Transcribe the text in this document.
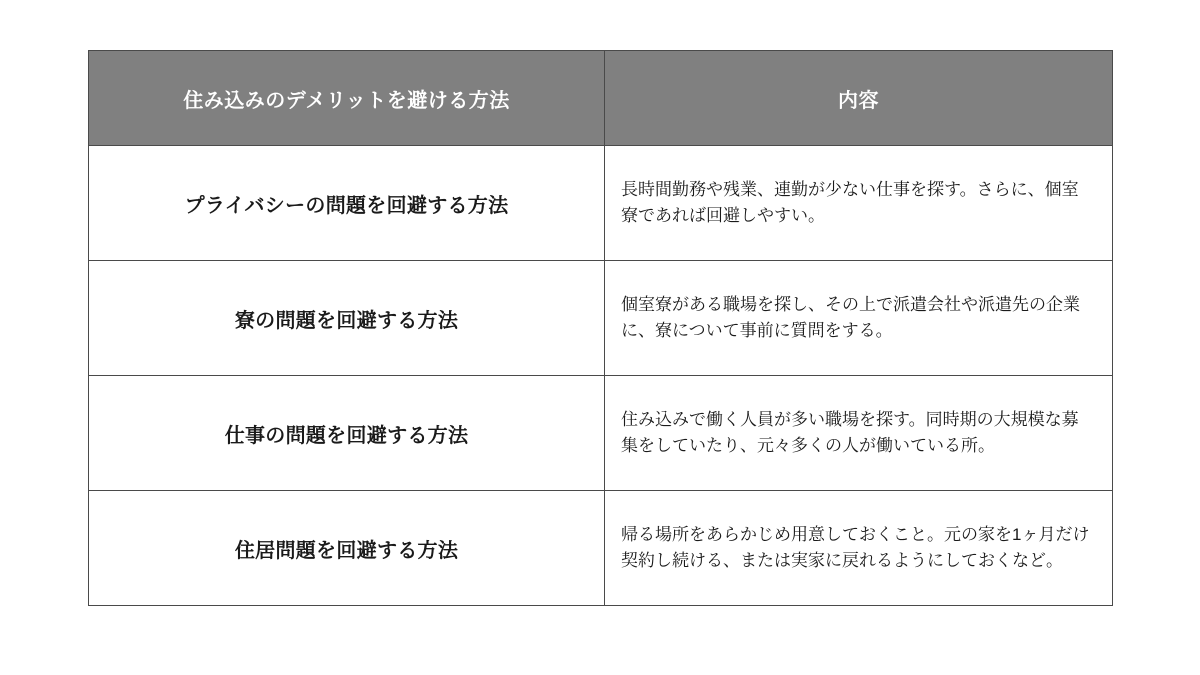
住み込みのデメリットを避ける方法	内容
プライバシーの問題を回避する方法	長時間勤務や残業、連勤が少ない仕事を探す。さらに、個室寮であれば回避しやすい。
寮の問題を回避する方法	個室寮がある職場を探し、その上で派遣会社や派遣先の企業に、寮について事前に質問をする。
仕事の問題を回避する方法	住み込みで働く人員が多い職場を探す。同時期の大規模な募集をしていたり、元々多くの人が働いている所。
住居問題を回避する方法	帰る場所をあらかじめ用意しておくこと。元の家を1ヶ月だけ契約し続ける、または実家に戻れるようにしておくなど。
